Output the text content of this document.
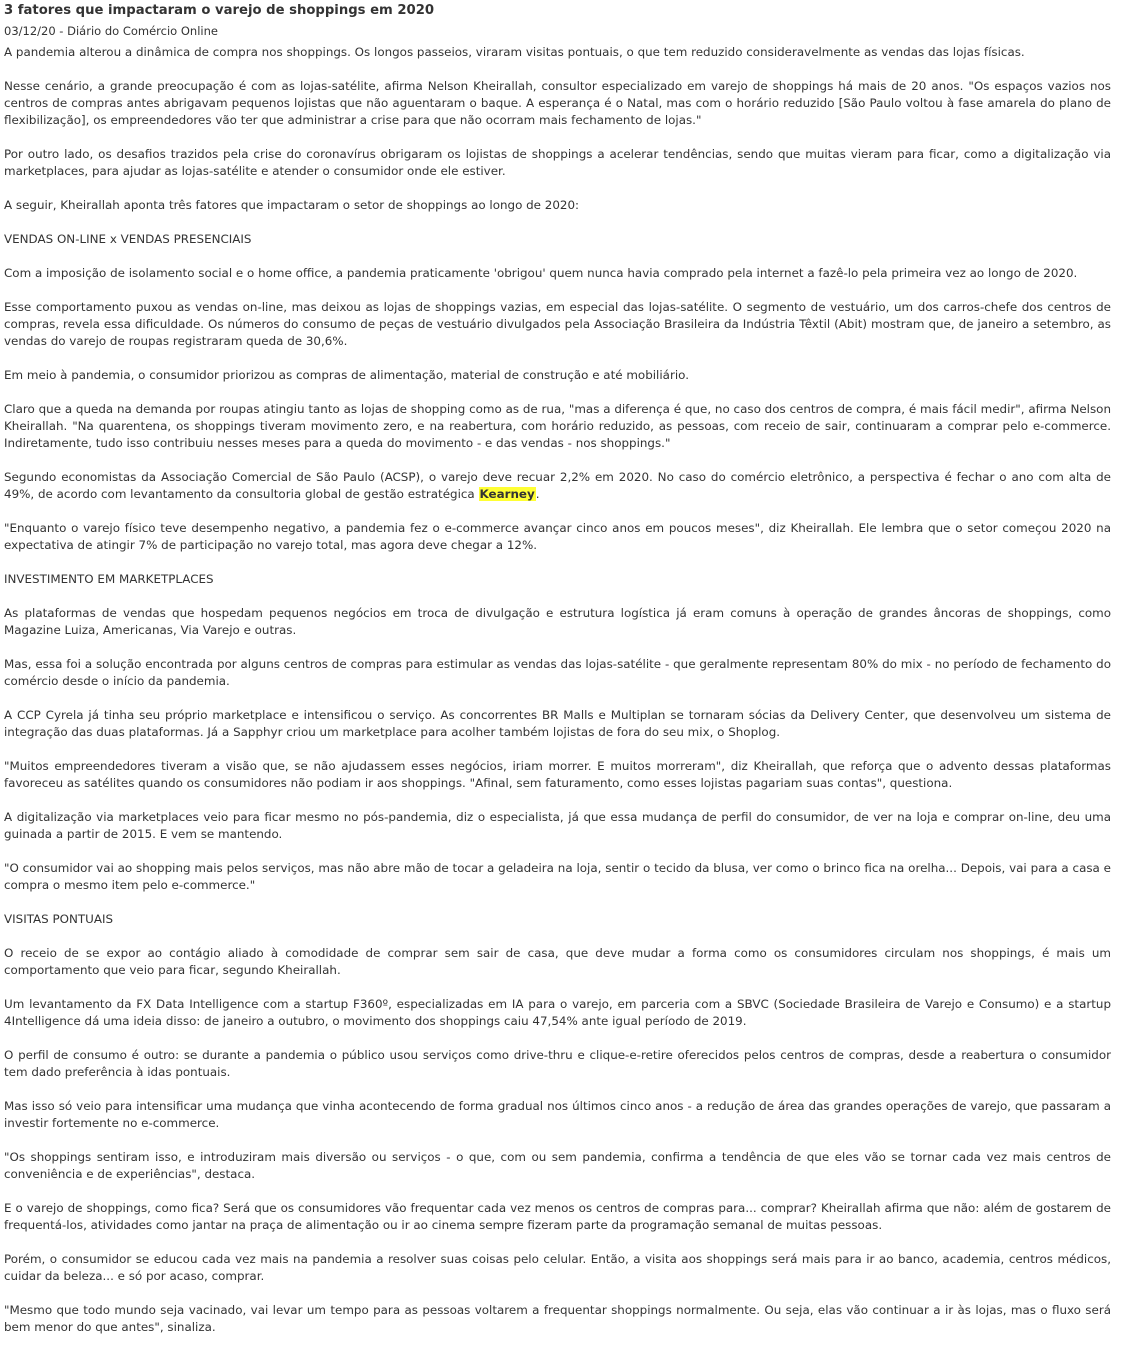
3 fatores que impactaram o varejo de shoppings em 2020
03/12/20 - Diário do Comércio Online

A pandemia alterou a dinâmica de compra nos shoppings. Os longos passeios, viraram visitas pontuais, o que tem reduzido consideravelmente as vendas das lojas físicas.

Nesse cenário, a grande preocupação é com as lojas-satélite, afirma Nelson Kheirallah, consultor especializado em varejo de shoppings há mais de 20 anos. "Os espaços vazios nos centros de compras antes abrigavam pequenos lojistas que não aguentaram o baque. A esperança é o Natal, mas com o horário reduzido [São Paulo voltou à fase amarela do plano de flexibilização], os empreendedores vão ter que administrar a crise para que não ocorram mais fechamento de lojas."

Por outro lado, os desafios trazidos pela crise do coronavírus obrigaram os lojistas de shoppings a acelerar tendências, sendo que muitas vieram para ficar, como a digitalização via marketplaces, para ajudar as lojas-satélite e atender o consumidor onde ele estiver.

A seguir, Kheirallah aponta três fatores que impactaram o setor de shoppings ao longo de 2020:

VENDAS ON-LINE x VENDAS PRESENCIAIS

Com a imposição de isolamento social e o home office, a pandemia praticamente 'obrigou' quem nunca havia comprado pela internet a fazê-lo pela primeira vez ao longo de 2020.

Esse comportamento puxou as vendas on-line, mas deixou as lojas de shoppings vazias, em especial das lojas-satélite. O segmento de vestuário, um dos carros-chefe dos centros de compras, revela essa dificuldade. Os números do consumo de peças de vestuário divulgados pela Associação Brasileira da Indústria Têxtil (Abit) mostram que, de janeiro a setembro, as vendas do varejo de roupas registraram queda de 30,6%.

Em meio à pandemia, o consumidor priorizou as compras de alimentação, material de construção e até mobiliário.

Claro que a queda na demanda por roupas atingiu tanto as lojas de shopping como as de rua, "mas a diferença é que, no caso dos centros de compra, é mais fácil medir", afirma Nelson Kheirallah. "Na quarentena, os shoppings tiveram movimento zero, e na reabertura, com horário reduzido, as pessoas, com receio de sair, continuaram a comprar pelo e-commerce. Indiretamente, tudo isso contribuiu nesses meses para a queda do movimento - e das vendas - nos shoppings."

Segundo economistas da Associação Comercial de São Paulo (ACSP), o varejo deve recuar 2,2% em 2020. No caso do comércio eletrônico, a perspectiva é fechar o ano com alta de 49%, de acordo com levantamento da consultoria global de gestão estratégica Kearney.

"Enquanto o varejo físico teve desempenho negativo, a pandemia fez o e-commerce avançar cinco anos em poucos meses", diz Kheirallah. Ele lembra que o setor começou 2020 na expectativa de atingir 7% de participação no varejo total, mas agora deve chegar a 12%.

INVESTIMENTO EM MARKETPLACES

As plataformas de vendas que hospedam pequenos negócios em troca de divulgação e estrutura logística já eram comuns à operação de grandes âncoras de shoppings, como Magazine Luiza, Americanas, Via Varejo e outras.

Mas, essa foi a solução encontrada por alguns centros de compras para estimular as vendas das lojas-satélite - que geralmente representam 80% do mix - no período de fechamento do comércio desde o início da pandemia.

A CCP Cyrela já tinha seu próprio marketplace e intensificou o serviço. As concorrentes BR Malls e Multiplan se tornaram sócias da Delivery Center, que desenvolveu um sistema de integração das duas plataformas. Já a Sapphyr criou um marketplace para acolher também lojistas de fora do seu mix, o Shoplog.

"Muitos empreendedores tiveram a visão que, se não ajudassem esses negócios, iriam morrer. E muitos morreram", diz Kheirallah, que reforça que o advento dessas plataformas favoreceu as satélites quando os consumidores não podiam ir aos shoppings. "Afinal, sem faturamento, como esses lojistas pagariam suas contas", questiona.

A digitalização via marketplaces veio para ficar mesmo no pós-pandemia, diz o especialista, já que essa mudança de perfil do consumidor, de ver na loja e comprar on-line, deu uma guinada a partir de 2015. E vem se mantendo.

"O consumidor vai ao shopping mais pelos serviços, mas não abre mão de tocar a geladeira na loja, sentir o tecido da blusa, ver como o brinco fica na orelha... Depois, vai para a casa e compra o mesmo item pelo e-commerce."

VISITAS PONTUAIS

O receio de se expor ao contágio aliado à comodidade de comprar sem sair de casa, que deve mudar a forma como os consumidores circulam nos shoppings, é mais um comportamento que veio para ficar, segundo Kheirallah.

Um levantamento da FX Data Intelligence com a startup F360º, especializadas em IA para o varejo, em parceria com a SBVC (Sociedade Brasileira de Varejo e Consumo) e a startup 4Intelligence dá uma ideia disso: de janeiro a outubro, o movimento dos shoppings caiu 47,54% ante igual período de 2019.

O perfil de consumo é outro: se durante a pandemia o público usou serviços como drive-thru e clique-e-retire oferecidos pelos centros de compras, desde a reabertura o consumidor tem dado preferência à idas pontuais.

Mas isso só veio para intensificar uma mudança que vinha acontecendo de forma gradual nos últimos cinco anos - a redução de área das grandes operações de varejo, que passaram a investir fortemente no e-commerce.

"Os shoppings sentiram isso, e introduziram mais diversão ou serviços - o que, com ou sem pandemia, confirma a tendência de que eles vão se tornar cada vez mais centros de conveniência e de experiências", destaca.

E o varejo de shoppings, como fica? Será que os consumidores vão frequentar cada vez menos os centros de compras para... comprar? Kheirallah afirma que não: além de gostarem de frequentá-los, atividades como jantar na praça de alimentação ou ir ao cinema sempre fizeram parte da programação semanal de muitas pessoas.

Porém, o consumidor se educou cada vez mais na pandemia a resolver suas coisas pelo celular. Então, a visita aos shoppings será mais para ir ao banco, academia, centros médicos, cuidar da beleza... e só por acaso, comprar.

"Mesmo que todo mundo seja vacinado, vai levar um tempo para as pessoas voltarem a frequentar shoppings normalmente. Ou seja, elas vão continuar a ir às lojas, mas o fluxo será bem menor do que antes", sinaliza.
